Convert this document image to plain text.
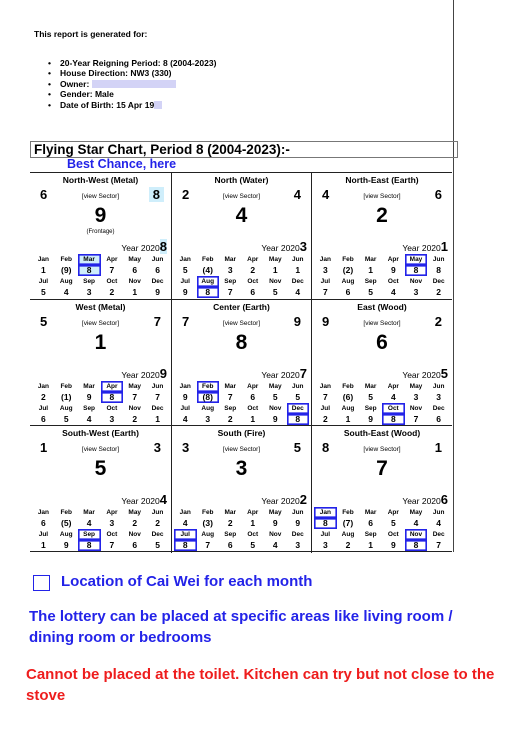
This report is generated for:
• 20-Year Reigning Period: 8 (2004-2023)
• House Direction: NW3 (330)
• Owner:
• Gender: Male
• Date of Birth: 15 Apr 19
Flying Star Chart, Period 8 (2004-2023):-
Best Chance, here
North-West (Metal)
6	8
[view Sector]
9
(Frontage)
Year 20208
Jan	Feb	Mar	Apr	May	Jun
1	(9)	8	7	6	6
Jul	Aug	Sep	Oct	Nov	Dec
5	4	3	2	1	9
North (Water)
2	4
[view Sector]
4
Year 20203
Jan	Feb	Mar	Apr	May	Jun
5	(4)	3	2	1	1
Jul	Aug	Sep	Oct	Nov	Dec
9	8	7	6	5	4
North-East (Earth)
4	6
[view Sector]
2
Year 20201
Jan	Feb	Mar	Apr	May	Jun
3	(2)	1	9	8	8
Jul	Aug	Sep	Oct	Nov	Dec
7	6	5	4	3	2
West (Metal)
5	7
[view Sector]
1
Year 20209
Jan	Feb	Mar	Apr	May	Jun
2	(1)	9	8	7	7
Jul	Aug	Sep	Oct	Nov	Dec
6	5	4	3	2	1
Center (Earth)
7	9
[view Sector]
8
Year 20207
Jan	Feb	Mar	Apr	May	Jun
9	(8)	7	6	5	5
Jul	Aug	Sep	Oct	Nov	Dec
4	3	2	1	9	8
East (Wood)
9	2
[view Sector]
6
Year 20205
Jan	Feb	Mar	Apr	May	Jun
7	(6)	5	4	3	3
Jul	Aug	Sep	Oct	Nov	Dec
2	1	9	8	7	6
South-West (Earth)
1	3
[view Sector]
5
Year 20204
Jan	Feb	Mar	Apr	May	Jun
6	(5)	4	3	2	2
Jul	Aug	Sep	Oct	Nov	Dec
1	9	8	7	6	5
South (Fire)
3	5
[view Sector]
3
Year 20202
Jan	Feb	Mar	Apr	May	Jun
4	(3)	2	1	9	9
Jul	Aug	Sep	Oct	Nov	Dec
8	7	6	5	4	3
South-East (Wood)
8	1
[view Sector]
7
Year 20206
Jan	Feb	Mar	Apr	May	Jun
8	(7)	6	5	4	4
Jul	Aug	Sep	Oct	Nov	Dec
3	2	1	9	8	7
Location of Cai Wei for each month
The lottery can be placed at specific areas like living room / dining room or bedrooms
Cannot be placed at the toilet. Kitchen can try but not close to the stove
